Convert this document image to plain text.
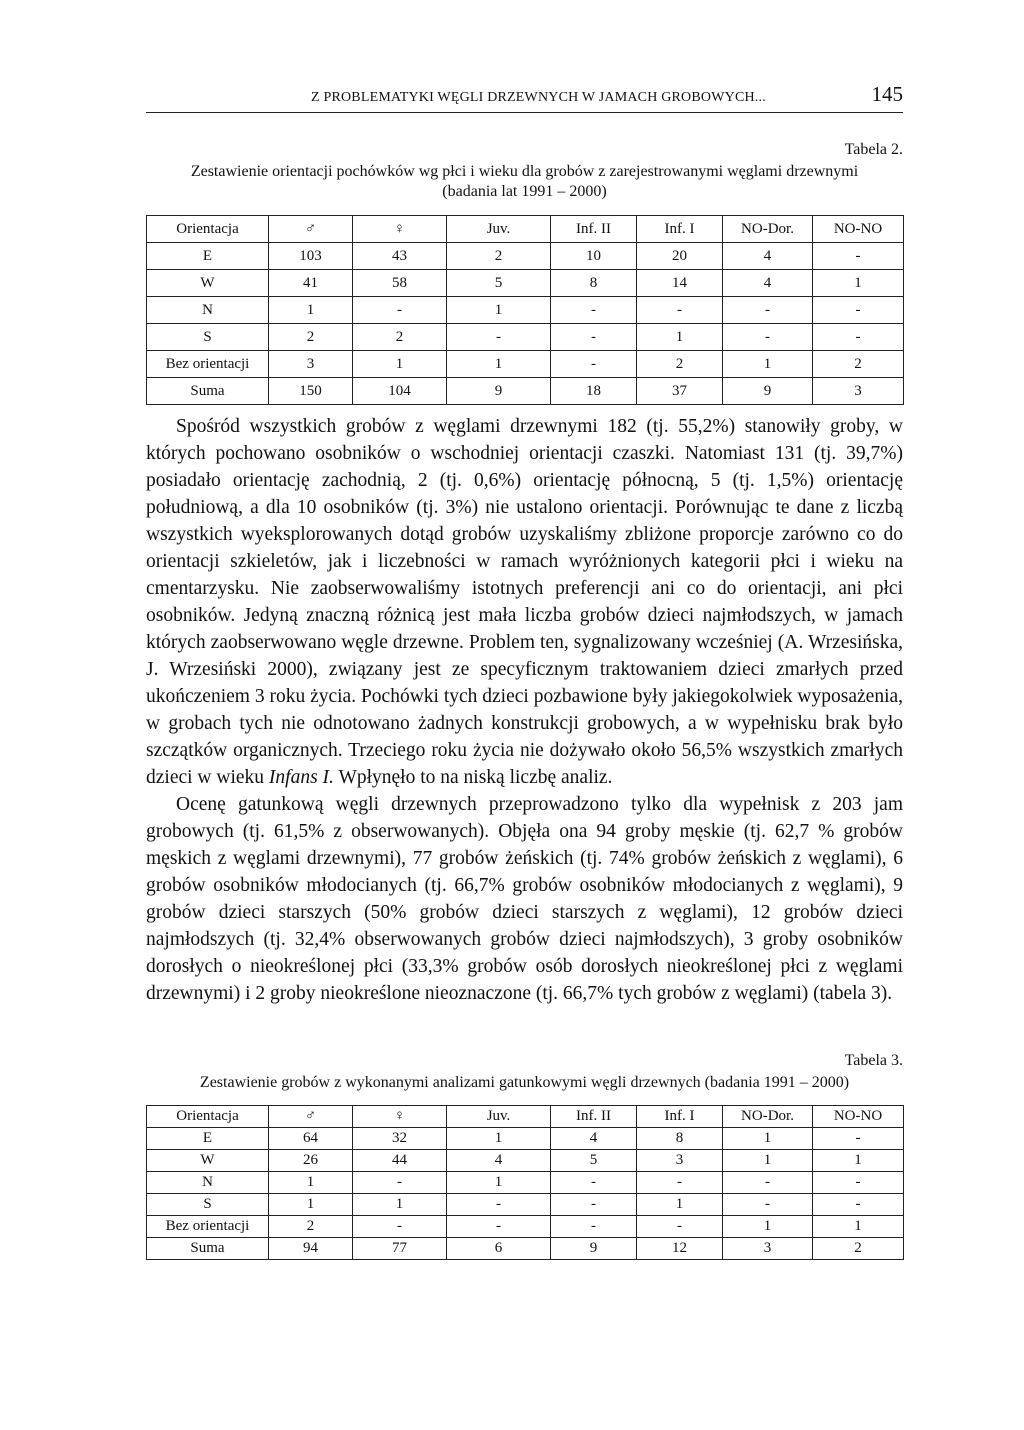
Z PROBLEMATYKI WĘGLI DRZEWNYCH W JAMACH GROBOWYCH...	145
Tabela 2.
Zestawienie orientacji pochówków wg płci i wieku dla grobów z zarejestrowanymi węglami drzewnymi
(badania lat 1991 – 2000)
Orientacja	♂	♀	Juv.	Inf. II	Inf. I	NO-Dor.	NO-NO
E	103	43	2	10	20	4	-
W	41	58	5	8	14	4	1
N	1	-	1	-	-	-	-
S	2	2	-	-	1	-	-
Bez orientacji	3	1	1	-	2	1	2
Suma	150	104	9	18	37	9	3

Spośród wszystkich grobów z węglami drzewnymi 182 (tj. 55,2%) stanowiły groby, w których pochowano osobników o wschodniej orientacji czaszki. Natomiast 131 (tj. 39,7%) posiadało orientację zachodnią, 2 (tj. 0,6%) orientację północną, 5 (tj. 1,5%) orientację południową, a dla 10 osobników (tj. 3%) nie ustalono orientacji. Porównując te dane z liczbą wszystkich wyeksplorowanych dotąd grobów uzyskaliśmy zbliżone proporcje zarówno co do orientacji szkieletów, jak i liczebności w ramach wyróżnionych kategorii płci i wieku na cmentarzysku. Nie zaobserwowaliśmy istotnych preferencji ani co do orientacji, ani płci osobników. Jedyną znaczną różnicą jest mała liczba grobów dzieci najmłodszych, w jamach których zaobserwowano węgle drzewne. Problem ten, sygnalizowany wcześniej (A. Wrzesińska, J. Wrzesiński 2000), związany jest ze specyficznym traktowaniem dzieci zmarłych przed ukończeniem 3 roku życia. Pochówki tych dzieci pozbawione były jakiegokolwiek wyposażenia, w grobach tych nie odnotowano żadnych konstrukcji grobowych, a w wypełnisku brak było szczątków organicznych. Trzeciego roku życia nie dożywało około 56,5% wszystkich zmarłych dzieci w wieku Infans I. Wpłynęło to na niską liczbę analiz.

Ocenę gatunkową węgli drzewnych przeprowadzono tylko dla wypełnisk z 203 jam grobowych (tj. 61,5% z obserwowanych). Objęła ona 94 groby męskie (tj. 62,7 % grobów męskich z węglami drzewnymi), 77 grobów żeńskich (tj. 74% grobów żeńskich z węglami), 6 grobów osobników młodocianych (tj. 66,7% grobów osobników młodocianych z węglami), 9 grobów dzieci starszych (50% grobów dzieci starszych z węglami), 12 grobów dzieci najmłodszych (tj. 32,4% obserwowanych grobów dzieci najmłodszych), 3 groby osobników dorosłych o nieokreślonej płci (33,3% grobów osób dorosłych nieokreślonej płci z węglami drzewnymi) i 2 groby nieokreślone nieoznaczone (tj. 66,7% tych grobów z węglami) (tabela 3).

Tabela 3.
Zestawienie grobów z wykonanymi analizami gatunkowymi węgli drzewnych (badania 1991 – 2000)
Orientacja	♂	♀	Juv.	Inf. II	Inf. I	NO-Dor.	NO-NO
E	64	32	1	4	8	1	-
W	26	44	4	5	3	1	1
N	1	-	1	-	-	-	-
S	1	1	-	-	1	-	-
Bez orientacji	2	-	-	-	-	1	1
Suma	94	77	6	9	12	3	2
